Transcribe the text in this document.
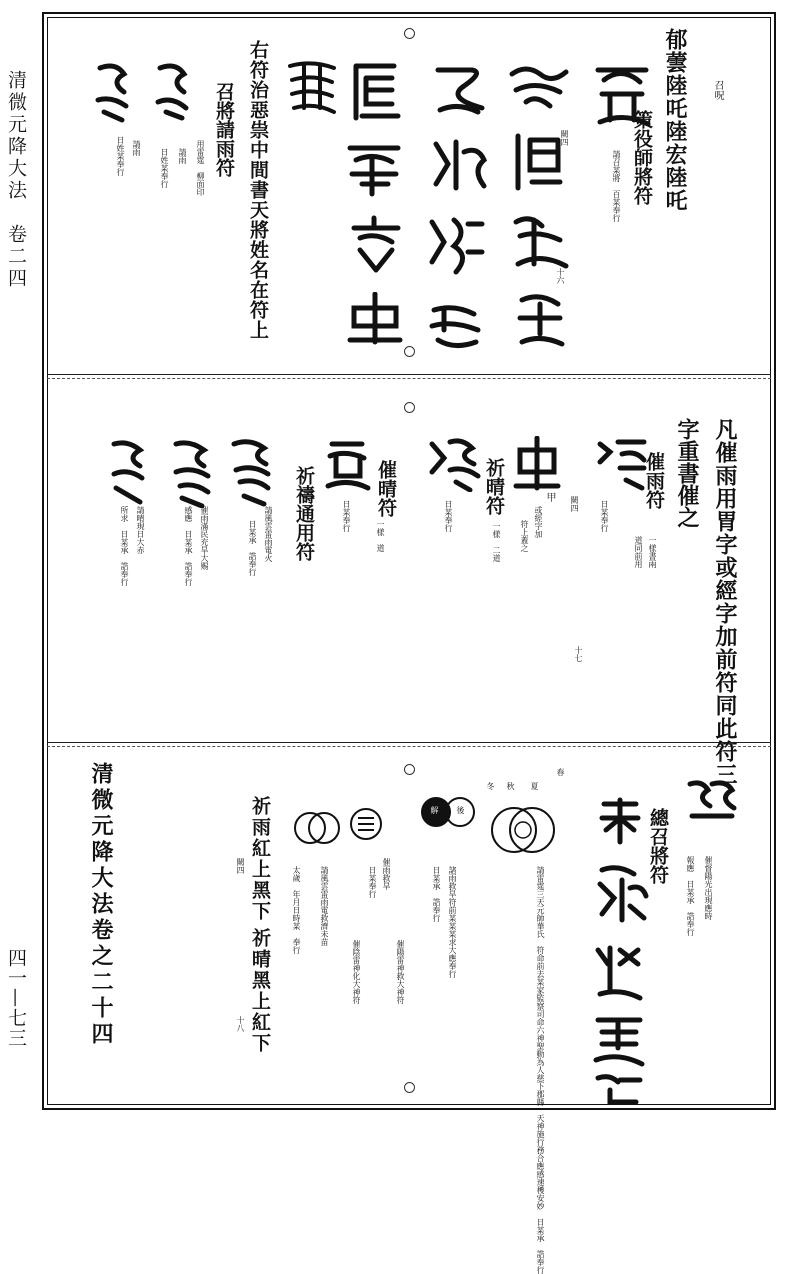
清微元降大法　卷二四
四一—七三
召呪
郁蕓陸吒陸宏陸吒
策役師將符
請召某將　百某奉行
闕四
十六
召將請雨符
用雷霆　柳面印 右符治惡祟中間書天將姓名在符上
請雨
日姓某奉行	請雨
日姓某奉行
凡催雨用胃字或經字加前符同此符三
字重書催之
催雨符
一様書兩
道同前用
日某奉行
闕四
甲
或經字加
符上蓋之
十七
祈晴符
一様　二道
日某奉行
催晴符
一様　道
日某奉行
祈禱通用符
請風雲雷雨電火
日某承　誥奉行
催雨滿民充旱大赐
感應　日某承　誥奉行
請晴現日大赤
所求　日某承　誥奉行
清微元降大法卷之二十四	總召將符
催督陽光出現應時
報應　日某承　誥奉行
春
夏
秋
冬
請雷霆三天元帥華氏　符命前去某家監察司命六神聖動為人慈下郡縣　天神施行務合應感速穫安妙　日某承　誥奉行
諸雨救旱符前某某某求大應奉行
日某承　誥奉行
催雨救旱
日某奉行
催陽雷神救大神符
催陰雷神化大神符
請風雲雷雨電救濟未苗
太歲　年月日時某　奉行
祈雨紅上黑下
祈晴黑上紅下
闕四
十八
解 後
